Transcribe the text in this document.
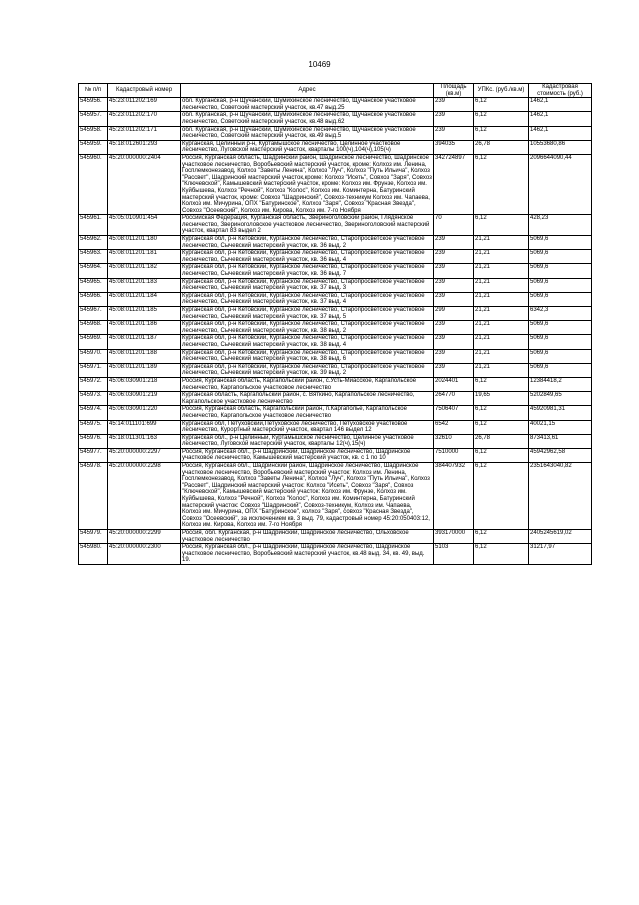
10469
№ п/п	Кадастровый номер	Адрес	Площадь (кв.м)	УПКс. (руб./кв.м)	Кадастровая стоимость (руб.)
545956.	45:23:011202:169	обл. Курганская, р-н Щучанский, Шумихинское лесничество, Щучанское участковое лесничество, Советский мастерский участок, кв.47 выд.25	239	6,12	1462,1
545957.	45:23:011202:170	обл. Курганская, р-н Щучанский, Шумихинское лесничество, Щучанское участковое лесничество, Советский мастерский участок, кв.48 выд.62	239	6,12	1462,1
545958.	45:23:011202:171	обл. Курганская, р-н Щучанский, Шумихинское лесничество, Щучанское участковое лесничество, Советский мастерский участок, кв.49 выд.5	239	6,12	1462,1
545959.	45:18:012601:293	Курганская, Целинный р-н, Куртамышское лесничество, Целинное участковое лесничество, Луговской мастерский участок, кварталы 100(ч),104(ч),105(ч)	394035	26,78	10553680,86
545960.	45:20:000000:2404	Россия, Курганская область, Шадринский район, Шадринское лесничество, Шадринское участковое лесничество, Воробьевский мастерский участок, кроме: Колхоз им. Ленина, Госплемконезавод, Колхоз "Заветы Ленина", Колхоз "Луч", Колхоз "Путь Ильича", Колхоз "Рассвет", Шадринский мастерский участок,кроме: Колхоз "Исеть", Совхоз "Заря", Совхоз "Ключевской", Камышевский мастерский участок, кроме: Колхоз им. Фрунзе, Колхоз им. Куйбышева, Колхоз "Речной", Колхоз "Колос", Колхоз им. Коминтерна, Батуринский мастерский участок, кроме: Совхоз "Шадринский", Совхоз-техникум Колхоз им. Чапаева, Колхоз им. Мичурина, ОПХ "Батуринское", Колхоз "Заря", Совхоз "Красная Звезда", Совхоз "Осеевский", Колхоз им. Кирова, Колхоз им. 7-го Ноября	342724897	6,12	2096644090,44
545961.	45:05:010901:454	Российская Федерация, Курганская область, Звериноголовский район, Глядянское лесничество, Звериноголовское участковое лесничество, Звериноголовский мастерский участок, квартал 83 выдел 2	70	6,12	428,23
545962.	45:08:011201:180	Курганская обл, р-н Кетовский, Курганское лесничество, Старопросветское участковое лесничество, Сычевский мастерский участок, кв. 36 выд. 2	239	21,21	5069,6
545963.	45:08:011201:181	Курганская обл, р-н Кетовский, Курганское лесничество, Старопросветское участковое лесничество, Сычевский мастерский участок, кв. 36 выд. 4	239	21,21	5069,6
545964.	45:08:011201:182	Курганская обл, р-н Кетовский, Курганское лесничество, Старопросветское участковое лесничество, Сычевский мастерский участок, кв. 36 выд. 7	239	21,21	5069,6
545965.	45:08:011201:183	Курганская обл, р-н Кетовский, Курганское лесничество, Старопросветское участковое лесничество, Сычевский мастерский участок, кв. 37 выд. 3	239	21,21	5069,6
545966.	45:08:011201:184	Курганская обл, р-н Кетовский, Курганское лесничество, Старопросветское участковое лесничество, Сычевский мастерский участок, кв. 37 выд. 4	239	21,21	5069,6
545967.	45:08:011201:185	Курганская обл, р-н Кетовский, Курганское лесничество, Старопросветское участковое лесничество, Сычевский мастерский участок, кв. 37 выд. 5	299	21,21	6342,3
545968.	45:08:011201:186	Курганская обл, р-н Кетовский, Курганское лесничество, Старопросветское участковое лесничество, Сычевский мастерский участок, кв. 38 выд. 2	239	21,21	5069,6
545969.	45:08:011201:187	Курганская обл, р-н Кетовский, Курганское лесничество, Старопросветское участковое лесничество, Сычевский мастерский участок, кв. 38 выд. 4	239	21,21	5069,6
545970.	45:08:011201:188	Курганская обл, р-н Кетовский, Курганское лесничество, Старопросветское участковое лесничество, Сычевский мастерский участок, кв. 38 выд. 6	239	21,21	5069,6
545971.	45:08:011201:189	Курганская обл, р-н Кетовский, Курганское лесничество, Старопросветское участковое лесничество, Сычевский мастерский участок, кв. 39 выд. 2	239	21,21	5069,6
545972.	45:06:030901:218	Россия, Курганская область, Каргапольский район, с.Усть-Миасское, Каргапольское лесничество, Каргапольское участковое лесничество	2024401	6,12	12384418,2
545973.	45:06:030901:219	Курганская область, Каргапольский район, с. Вяткино, Каргапольское лесничество, Каргапольское участковое лесничество	264770	19,65	5202849,65
545974.	45:06:030901:220	Россия, Курганская область, Каргапольский район, п.Каргаполье, Каргапольское лесничество, Каргапольское участковое лесничество	7506407	6,12	45920981,31
545975.	45:14:011101:699	Курганская обл, Петуховский,Петуховское лесничество, Петуховское участковое лесничество, Курортный мастерский участок, квартал 146 выдел 12	6542	6,12	40021,15
545976.	45:18:011301:163	Курганская обл., р-н Целинный, Куртамышское лесничество, Целинное участковое лесничество, Луговской мастерский участок, кварталы 12(ч),15(ч)	32610	26,78	873413,61
545977.	45:20:000000:2297	Россия, Курганская обл., р-н Шадринский, Шадринское лесничество, Шадринское участковое лесничество, Камышевский мастерский участок, кв. с 1 по 10	7510000	6,12	45942962,58
545978.	45:20:000000:2298	Россия, Курганская обл., Шадринский район, Шадринское лесничество, Шадринское участковое лесничество, Воробьевский мастерский участок: Колхоз им. Ленина, Госплемконезавод, Колхоз "Заветы Ленина", Колхоз "Луч", Колхоз "Путь Ильича", Колхоз "Рассвет", Шадринский мастерский участок: Колхоз "Исеть", Совхоз "Заря", Совхоз "Ключевской", Камышевский мастерский участок: Колхоз им. Фрунзе, Колхоз им. Куйбышева, Колхоз "Речной", Колхоз "Колос", Колхоз им. Коминтерна, Батуринский мастерский участок: Совхоз "Шадринский", Совхоз-техникум, Колхоз им. Чапаева, Колхоз им. Мичурина, ОПХ "Батуринское", колхоз "Заря", совхоз "Красная Звезда", Совхоз "Осеевский", за исключением кв. 3 выд. 79, кадастровый номер 45:20:050403:12, Колхоз им. Кирова, Колхоз им. 7-го Ноября	384407932	6,12	2351643040,82
545979.	45:20:000000:2299	Россия, обл. Курганская, р-н Шадринский, Шадринское лесничество, Ольховское участковое лесничество	393170000	6,12	2405245619,02
545980.	45:20:000000:2300	Россия, Курганская обл., р-н Шадринский, Шадринское лесничество, Шадринское участковое лесничество, Воробьевский мастерский участок, кв.48 выд. 34, кв. 49, выд. 19.	5103	6,12	31217,97
